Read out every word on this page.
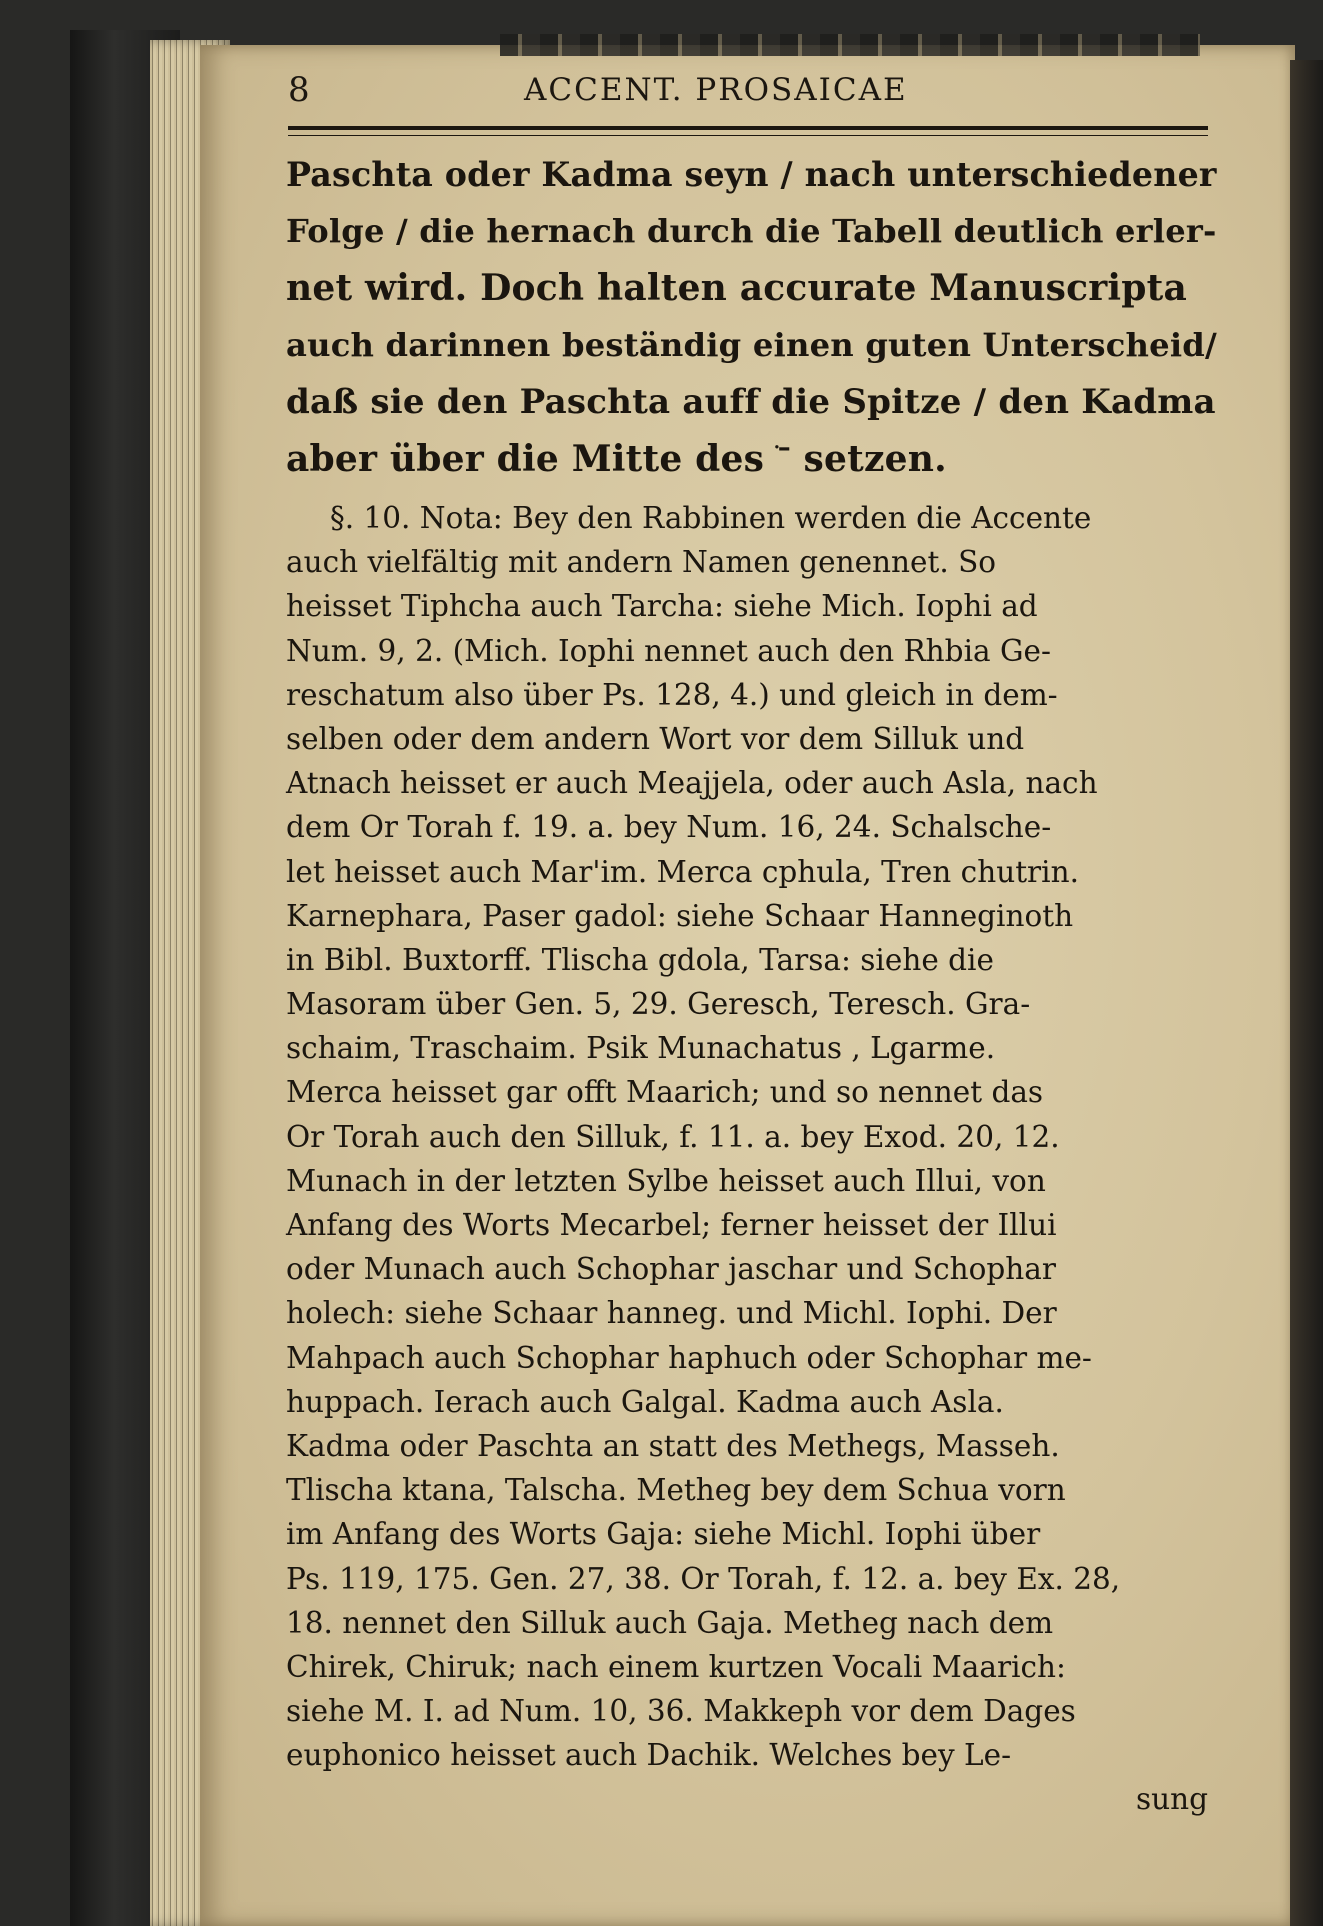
8	ACCENT. PROSAICAE
Paschta oder Kadma seyn / nach unterschiedener
Folge / die hernach durch die Tabell deutlich erler-
net wird. Doch halten accurate Manuscripta
auch darinnen beständig einen guten Unterscheid/
daß sie den Paschta auff die Spitze / den Kadma
aber über die Mitte des ־ׁ setzen.
§. 10. Nota: Bey den Rabbinen werden die Accente
auch vielfältig mit andern Namen genennet. So
heisset Tiphcha auch Tarcha: siehe Mich. Iophi ad
Num. 9, 2. (Mich. Iophi nennet auch den Rhbia Ge-
reschatum also über Ps. 128, 4.) und gleich in dem-
selben oder dem andern Wort vor dem Silluk und
Atnach heisset er auch Meajjela, oder auch Asla, nach
dem Or Torah f. 19. a. bey Num. 16, 24. Schalsche-
let heisset auch Mar'im. Merca cphula, Tren chutrin.
Karnephara, Paser gadol: siehe Schaar Hanneginoth
in Bibl. Buxtorff. Tlischa gdola, Tarsa: siehe die
Masoram über Gen. 5, 29. Geresch, Teresch. Gra-
schaim, Traschaim. Psik Munachatus , Lgarme.
Merca heisset gar offt Maarich; und so nennet das
Or Torah auch den Silluk, f. 11. a. bey Exod. 20, 12.
Munach in der letzten Sylbe heisset auch Illui, von
Anfang des Worts Mecarbel; ferner heisset der Illui
oder Munach auch Schophar jaschar und Schophar
holech: siehe Schaar hanneg. und Michl. Iophi. Der
Mahpach auch Schophar haphuch oder Schophar me-
huppach. Ierach auch Galgal. Kadma auch Asla.
Kadma oder Paschta an statt des Methegs, Masseh.
Tlischa ktana, Talscha. Metheg bey dem Schua vorn
im Anfang des Worts Gaja: siehe Michl. Iophi über
Ps. 119, 175. Gen. 27, 38. Or Torah, f. 12. a. bey Ex. 28,
18. nennet den Silluk auch Gaja. Metheg nach dem
Chirek, Chiruk; nach einem kurtzen Vocali Maarich:
siehe M. I. ad Num. 10, 36. Makkeph vor dem Dages
euphonico heisset auch Dachik. Welches bey Le-
sung
